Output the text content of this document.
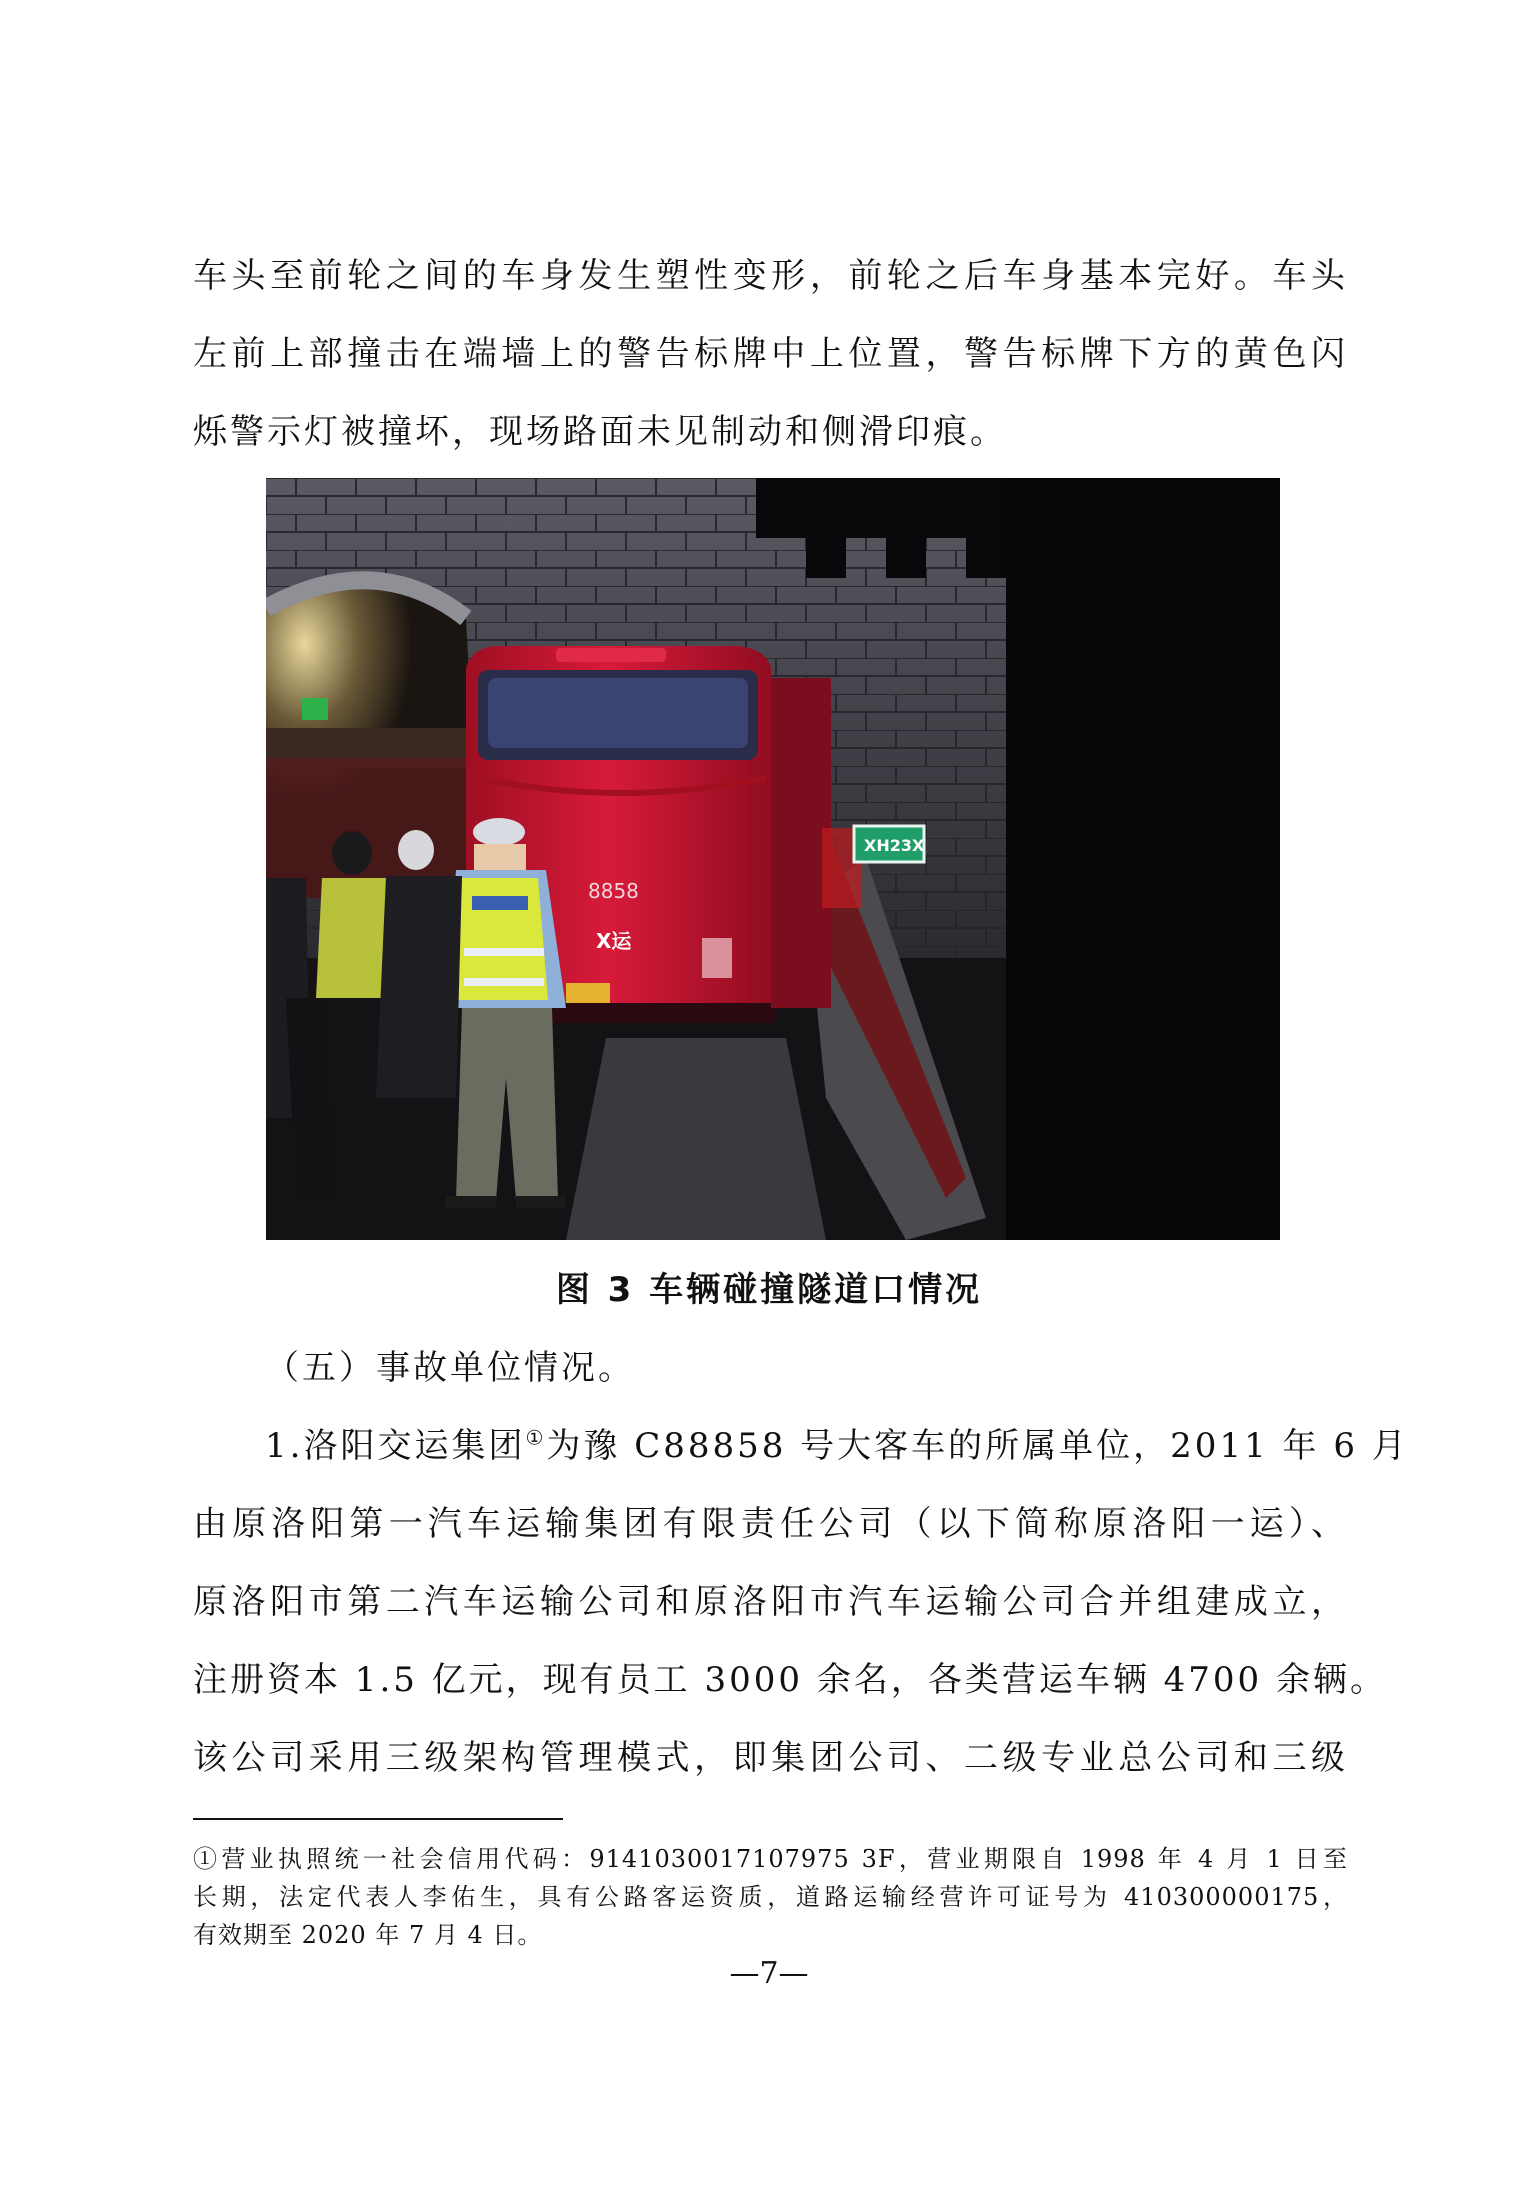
车头至前轮之间的车身发生塑性变形，前轮之后车身基本完好。车头
左前上部撞击在端墙上的警告标牌中上位置，警告标牌下方的黄色闪
烁警示灯被撞坏，现场路面未见制动和侧滑印痕。
8858
X运
XH23X
图 3 车辆碰撞隧道口情况
（五）事故单位情况。
1.洛阳交运集团①为豫 C88858 号大客车的所属单位，2011 年 6 月
由原洛阳第一汽车运输集团有限责任公司（以下简称原洛阳一运）、
原洛阳市第二汽车运输公司和原洛阳市汽车运输公司合并组建成立，
注册资本 1.5 亿元，现有员工 3000 余名，各类营运车辆 4700 余辆。
该公司采用三级架构管理模式，即集团公司、二级专业总公司和三级
①营业执照统一社会信用代码：9141030017107975 3F，营业期限自 1998 年 4 月 1 日至
长期，法定代表人李佑生，具有公路客运资质，道路运输经营许可证号为 410300000175，
有效期至 2020 年 7 月 4 日。
—7—
